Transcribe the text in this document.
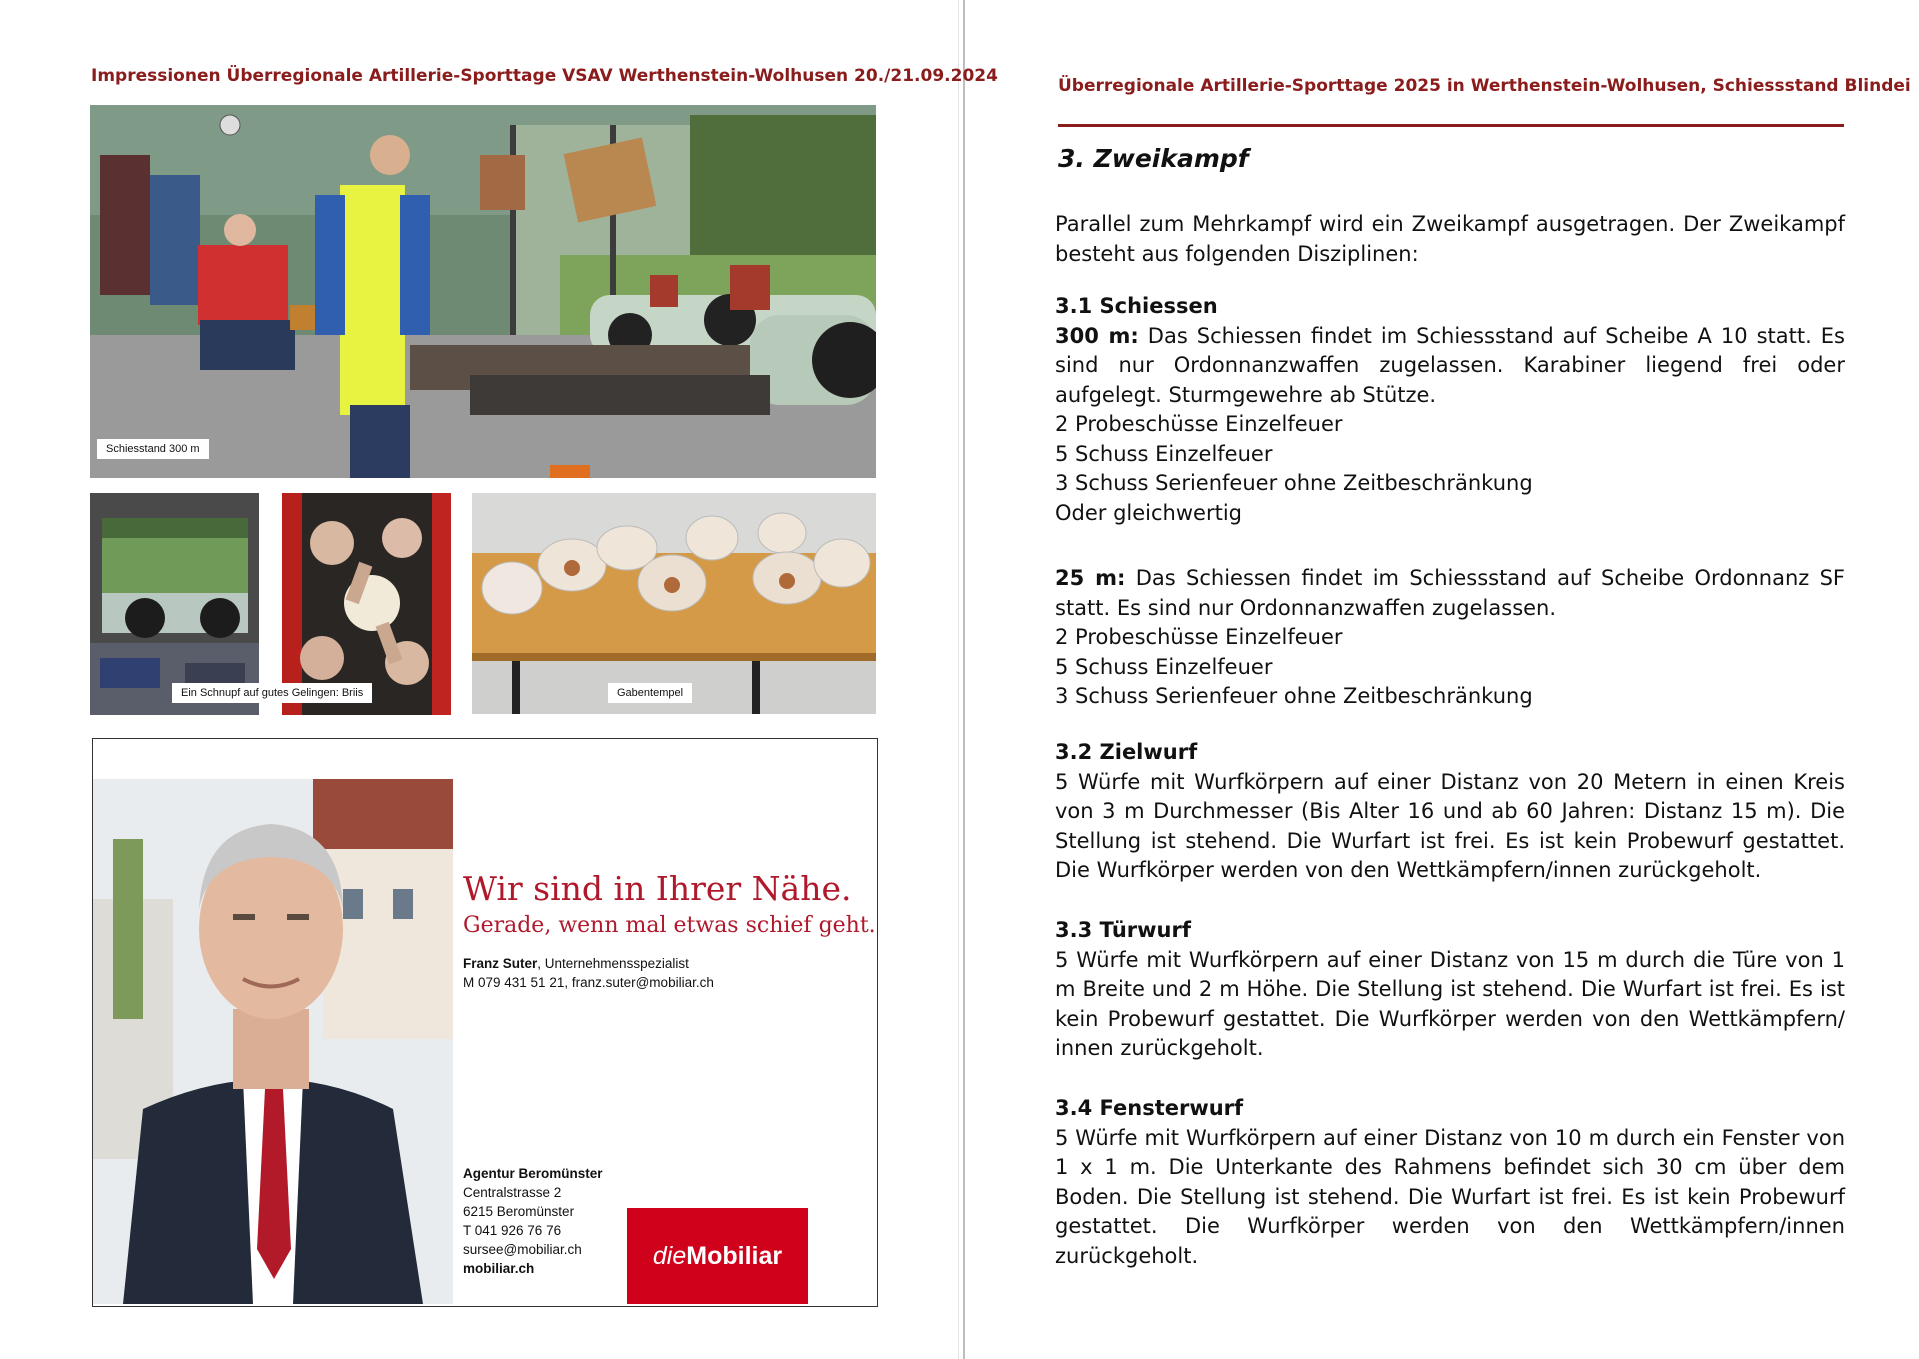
Impressionen Überregionale Artillerie-Sporttage VSAV Werthenstein-Wolhusen 20./21.09.2024
Schiesstand 300 m
Ein Schnupf auf gutes Gelingen: Briis	Gabentempel
Wir sind in Ihrer Nähe.
Gerade, wenn mal etwas schief geht.
Franz Suter, Unternehmensspezialist
M 079 431 51 21, franz.suter@mobiliar.ch
Agentur Beromünster
Centralstrasse 2
6215 Beromünster
T 041 926 76 76
sursee@mobiliar.ch
mobiliar.ch	die Mobiliar
Überregionale Artillerie-Sporttage 2025 in Werthenstein-Wolhusen, Schiessstand Blindei
3. Zweikampf
Parallel zum Mehrkampf wird ein Zweikampf ausgetragen. Der Zweikampf besteht aus folgenden Disziplinen:

3.1 Schiessen

300 m: Das Schiessen findet im Schiessstand auf Scheibe A 10 statt. Es sind nur Ordonnanzwaffen zugelassen. Karabiner liegend frei oder aufgelegt. Sturmgewehre ab Stütze.

2 Probeschüsse Einzelfeuer

5 Schuss Einzelfeuer

3 Schuss Serienfeuer ohne Zeitbeschränkung

Oder gleichwertig

25 m: Das Schiessen findet im Schiessstand auf Scheibe Ordonnanz SF statt. Es sind nur Ordonnanzwaffen zugelassen.

2 Probeschüsse Einzelfeuer

5 Schuss Einzelfeuer

3 Schuss Serienfeuer ohne Zeitbeschränkung

3.2 Zielwurf

5 Würfe mit Wurfkörpern auf einer Distanz von 20 Metern in einen Kreis von 3 m Durchmesser (Bis Alter 16 und ab 60 Jahren: Distanz 15 m). Die Stellung ist stehend. Die Wurfart ist frei. Es ist kein Probewurf gestattet. Die Wurfkörper werden von den Wettkämpfern/innen zurückgeholt.

3.3 Türwurf

5 Würfe mit Wurfkörpern auf einer Distanz von 15 m durch die Türe von 1 m Breite und 2 m Höhe. Die Stellung ist stehend. Die Wurfart ist frei. Es ist kein Probewurf gestattet. Die Wurfkörper werden von den Wettkämpfern/ innen zurückgeholt.

3.4 Fensterwurf

5 Würfe mit Wurfkörpern auf einer Distanz von 10 m durch ein Fenster von 1 x 1 m. Die Unterkante des Rahmens befindet sich 30 cm über dem Boden. Die Stellung ist stehend. Die Wurfart ist frei. Es ist kein Probewurf gestattet. Die Wurfkörper werden von den Wettkämpfern/innen zurückgeholt.
